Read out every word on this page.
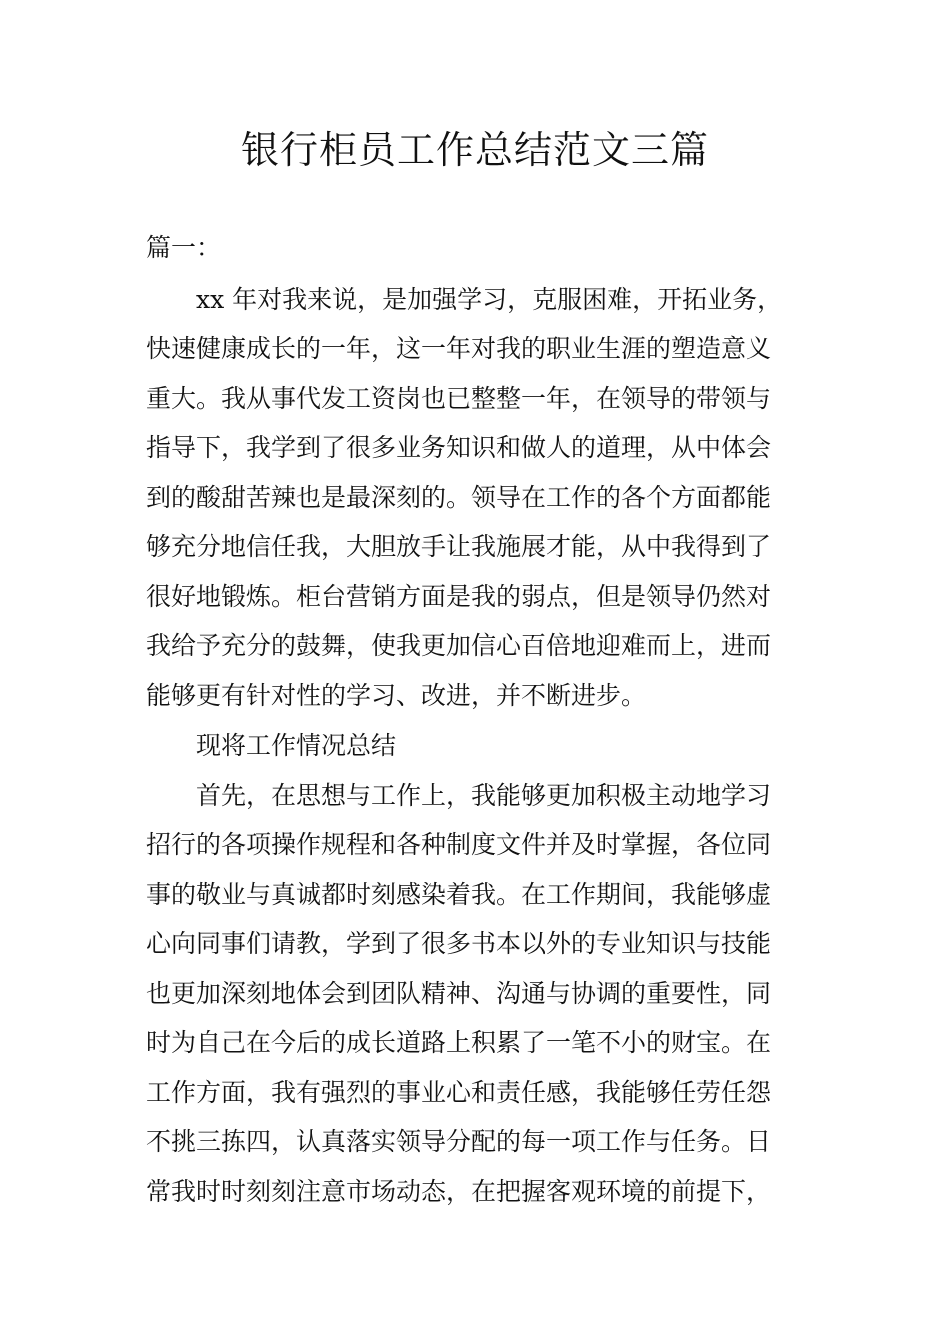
银行柜员工作总结范文三篇

篇一：

xx 年对我来说，是加强学习，克服困难，开拓业务，

快速健康成长的一年，这一年对我的职业生涯的塑造意义

重大。我从事代发工资岗也已整整一年，在领导的带领与

指导下，我学到了很多业务知识和做人的道理，从中体会

到的酸甜苦辣也是最深刻的。领导在工作的各个方面都能

够充分地信任我，大胆放手让我施展才能，从中我得到了

很好地锻炼。柜台营销方面是我的弱点，但是领导仍然对

我给予充分的鼓舞，使我更加信心百倍地迎难而上，进而

能够更有针对性的学习、改进，并不断进步。

现将工作情况总结

首先，在思想与工作上，我能够更加积极主动地学习

招行的各项操作规程和各种制度文件并及时掌握，各位同

事的敬业与真诚都时刻感染着我。在工作期间，我能够虚

心向同事们请教，学到了很多书本以外的专业知识与技能

也更加深刻地体会到团队精神、沟通与协调的重要性，同

时为自己在今后的成长道路上积累了一笔不小的财宝。在

工作方面，我有强烈的事业心和责任感，我能够任劳任怨

不挑三拣四，认真落实领导分配的每一项工作与任务。日

常我时时刻刻注意市场动态，在把握客观环境的前提下，
